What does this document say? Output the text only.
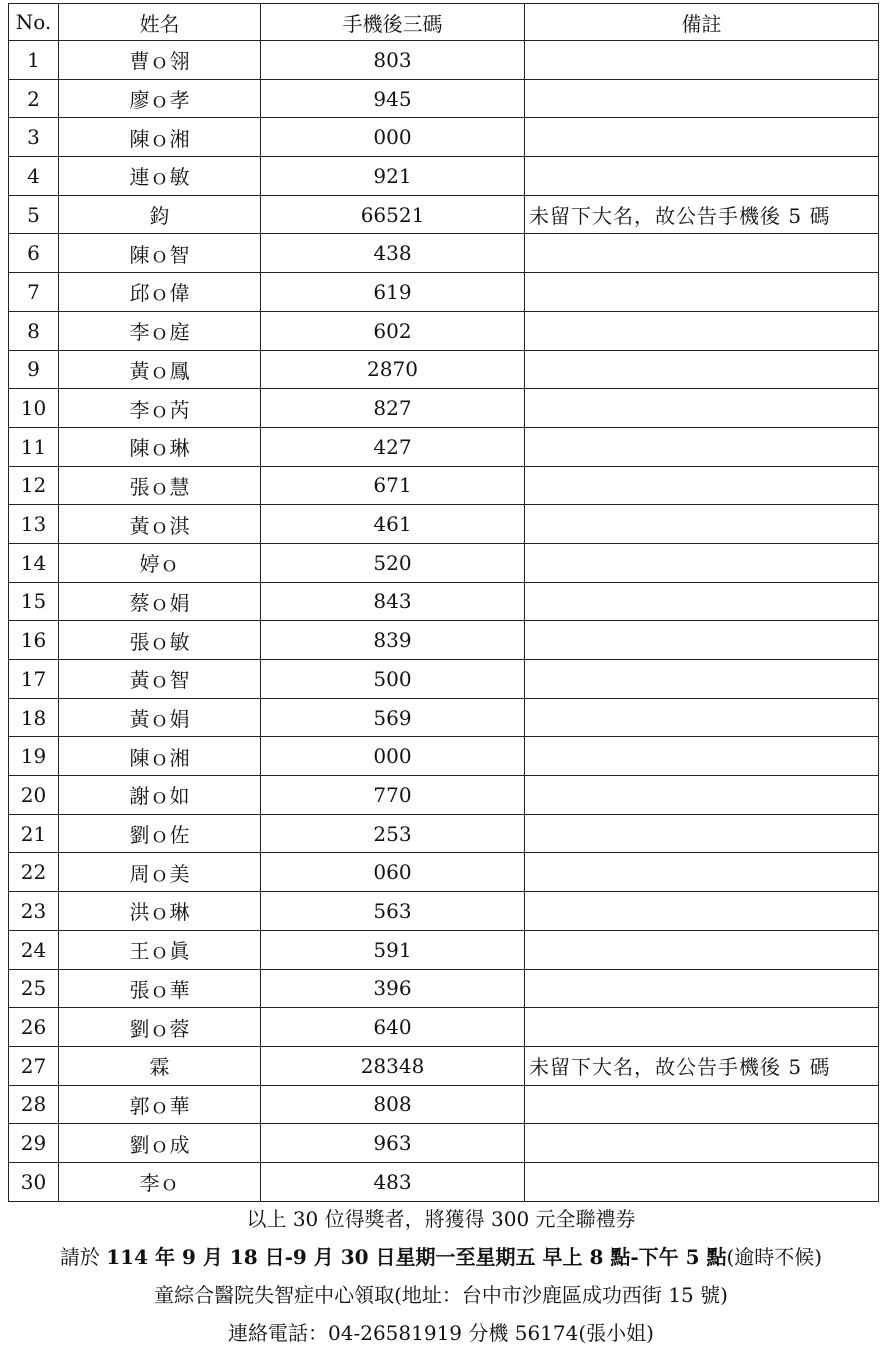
No.	姓名	手機後三碼	備註
1	曹ｏ翎	803	
2	廖ｏ孝	945	
3	陳ｏ湘	000	
4	連ｏ敏	921	
5	鈞	66521	未留下大名，故公告手機後 5 碼
6	陳ｏ智	438	
7	邱ｏ偉	619	
8	李ｏ庭	602	
9	黃ｏ鳳	2870	
10	李ｏ芮	827	
11	陳ｏ琳	427	
12	張ｏ慧	671	
13	黃ｏ淇	461	
14	婷ｏ	520	
15	蔡ｏ娟	843	
16	張ｏ敏	839	
17	黃ｏ智	500	
18	黃ｏ娟	569	
19	陳ｏ湘	000	
20	謝ｏ如	770	
21	劉ｏ佐	253	
22	周ｏ美	060	
23	洪ｏ琳	563	
24	王ｏ眞	591	
25	張ｏ華	396	
26	劉ｏ蓉	640	
27	霖	28348	未留下大名，故公告手機後 5 碼
28	郭ｏ華	808	
29	劉ｏ成	963	
30	李ｏ	483	
以上 30 位得獎者，將獲得 300 元全聯禮券
請於 114 年 9 月 18 日-9 月 30 日星期一至星期五 早上 8 點-下午 5 點(逾時不候)
童綜合醫院失智症中心領取(地址：台中市沙鹿區成功西街 15 號)
連絡電話：04-26581919 分機 56174(張小姐)
